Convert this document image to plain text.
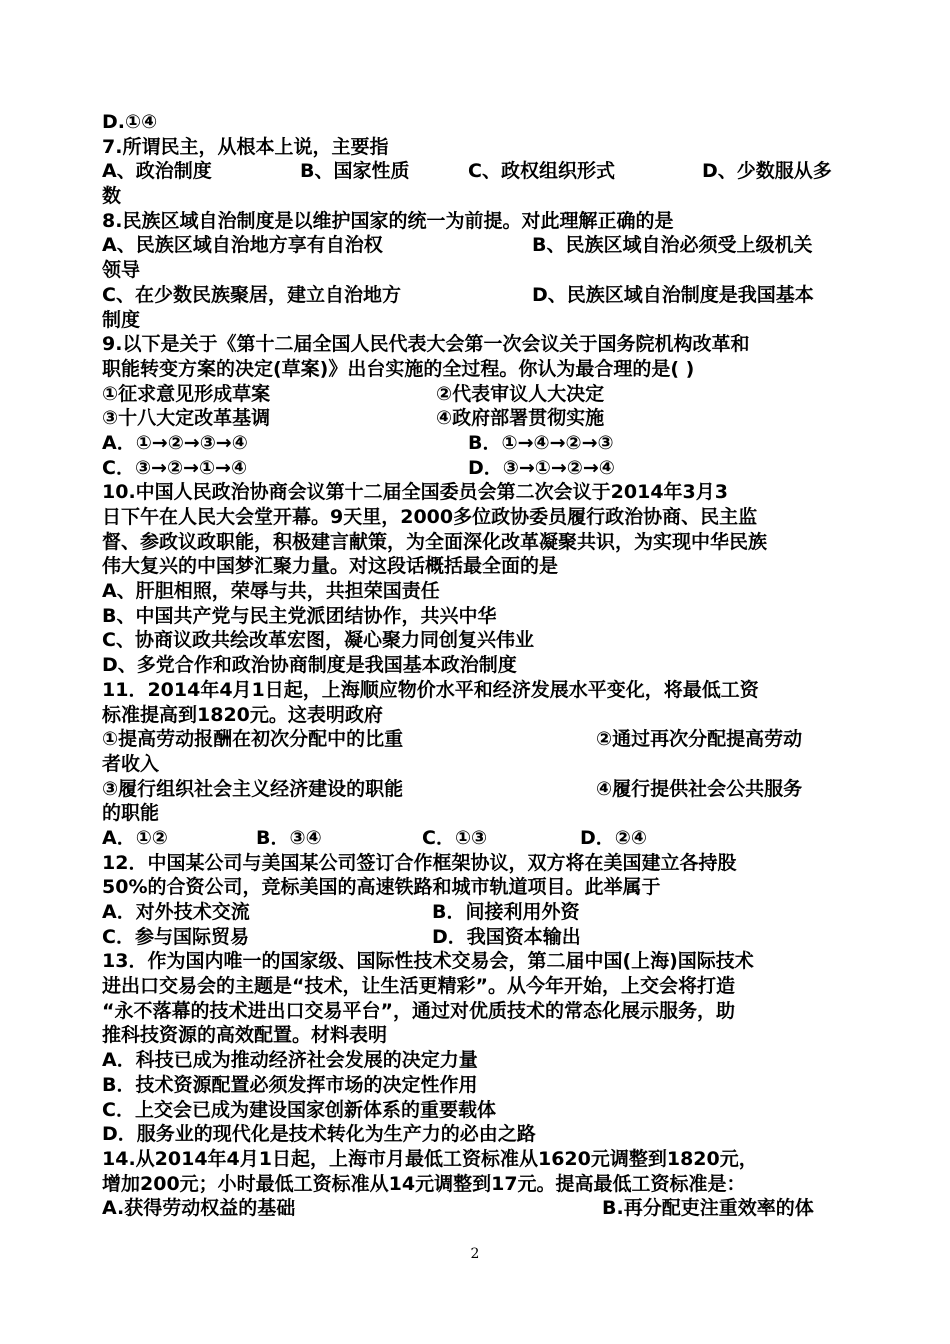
D.①④
7.所谓民主，从根本上说，主要指
A、政治制度	B、国家性质	C、政权组织形式	D、少数服从多
数
8.民族区域自治制度是以维护国家的统一为前提。对此理解正确的是
A、民族区域自治地方享有自治权	B、民族区域自治必须受上级机关
领导
C、在少数民族聚居，建立自治地方	D、民族区域自治制度是我国基本
制度
9.以下是关于《第十二届全国人民代表大会第一次会议关于国务院机构改革和
职能转变方案的决定(草案)》出台实施的全过程。你认为最合理的是( )
①征求意见形成草案	②代表审议人大决定
③十八大定改革基调	④政府部署贯彻实施
A．①→②→③→④	B．①→④→②→③
C．③→②→①→④	D．③→①→②→④
10.中国人民政治协商会议第十二届全国委员会第二次会议于2014年3月3
日下午在人民大会堂开幕。9天里，2000多位政协委员履行政治协商、民主监
督、参政议政职能，积极建言献策，为全面深化改革凝聚共识，为实现中华民族
伟大复兴的中国梦汇聚力量。对这段话概括最全面的是
A、肝胆相照，荣辱与共，共担荣国责任
B、中国共产党与民主党派团结协作，共兴中华
C、协商议政共绘改革宏图，凝心聚力同创复兴伟业
D、多党合作和政治协商制度是我国基本政治制度
11．2014年4月1日起，上海顺应物价水平和经济发展水平变化，将最低工资
标准提高到1820元。这表明政府
①提高劳动报酬在初次分配中的比重	②通过再次分配提高劳动
者收入
③履行组织社会主义经济建设的职能	④履行提供社会公共服务
的职能
A．①②	B．③④	C．①③	D．②④
12．中国某公司与美国某公司签订合作框架协议，双方将在美国建立各持股
50%的合资公司，竞标美国的高速铁路和城市轨道项目。此举属于
A．对外技术交流	B．间接利用外资
C．参与国际贸易	D．我国资本输出
13．作为国内唯一的国家级、国际性技术交易会，第二届中国(上海)国际技术
进出口交易会的主题是“技术，让生活更精彩”。从今年开始，上交会将打造
“永不落幕的技术进出口交易平台”，通过对优质技术的常态化展示服务，助
推科技资源的高效配置。材料表明
A．科技已成为推动经济社会发展的决定力量
B．技术资源配置必须发挥市场的决定性作用
C．上交会已成为建设国家创新体系的重要载体
D．服务业的现代化是技术转化为生产力的必由之路
14.从2014年4月1日起，上海市月最低工资标准从1620元调整到1820元，
增加200元；小时最低工资标准从14元调整到17元。提高最低工资标准是：
A.获得劳动权益的基础	B.再分配吏注重效率的体
2
